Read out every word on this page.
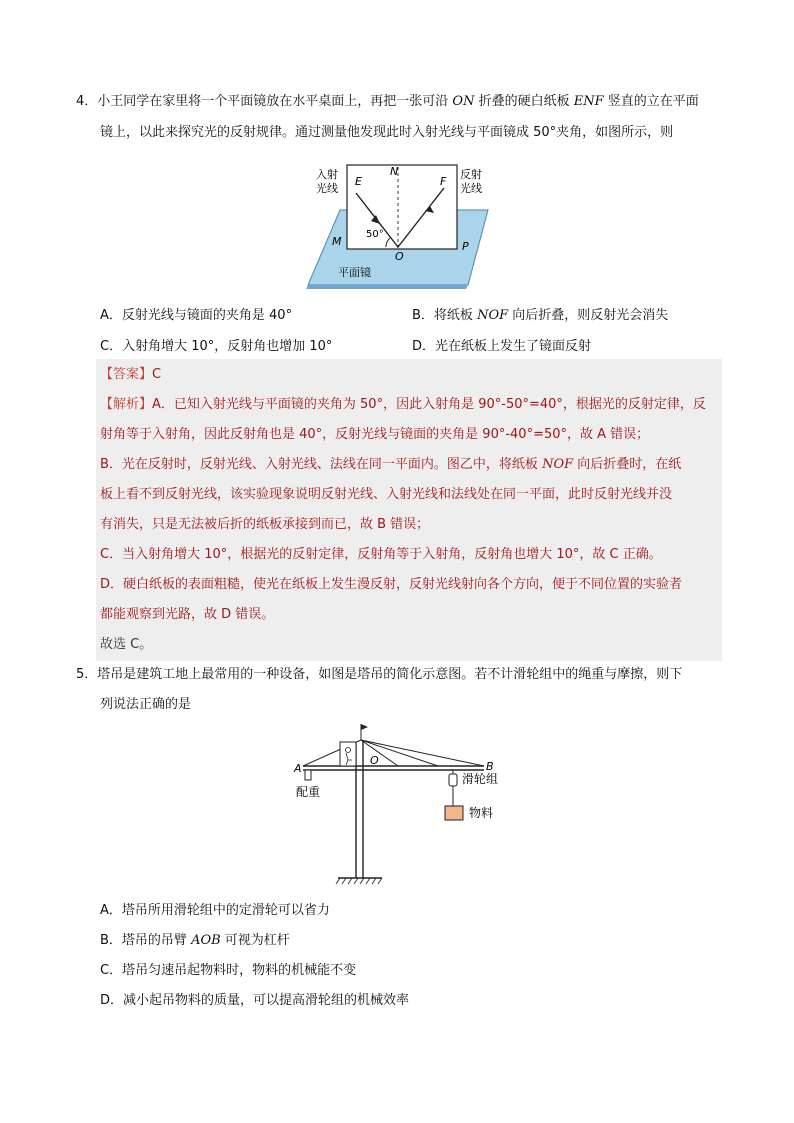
4．小王同学在家里将一个平面镜放在水平桌面上，再把一张可沿 ON 折叠的硬白纸板 ENF 竖直的立在平面
镜上，以此来探究光的反射规律。通过测量他发现此时入射光线与平面镜成 50°夹角，如图所示，则
入射
光线
反射
光线
E
N
F
M
O
P
50°
平面镜
A．反射光线与镜面的夹角是 40°	B．将纸板 NOF 向后折叠，则反射光会消失
C．入射角增大 10°，反射角也增加 10°	D．光在纸板上发生了镜面反射
【答案】C
【解析】A．已知入射光线与平面镜的夹角为 50°，因此入射角是 90°-50°=40°，根据光的反射定律，反
射角等于入射角，因此反射角也是 40°，反射光线与镜面的夹角是 90°-40°=50°，故 A 错误；
B．光在反射时，反射光线、入射光线、法线在同一平面内。图乙中，将纸板 NOF 向后折叠时，在纸
板上看不到反射光线，该实验现象说明反射光线、入射光线和法线处在同一平面，此时反射光线并没
有消失，只是无法被后折的纸板承接到而已，故 B 错误；
C．当入射角增大 10°，根据光的反射定律，反射角等于入射角，反射角也增大 10°，故 C 正确。
D．硬白纸板的表面粗糙，使光在纸板上发生漫反射，反射光线射向各个方向，便于不同位置的实验者
都能观察到光路，故 D 错误。
故选 C。
5．塔吊是建筑工地上最常用的一种设备，如图是塔吊的简化示意图。若不计滑轮组中的绳重与摩擦，则下
列说法正确的是
A	B
O
配重
滑轮组
物料
A．塔吊所用滑轮组中的定滑轮可以省力
B．塔吊的吊臂 AOB 可视为杠杆
C．塔吊匀速吊起物料时，物料的机械能不变
D．减小起吊物料的质量，可以提高滑轮组的机械效率
